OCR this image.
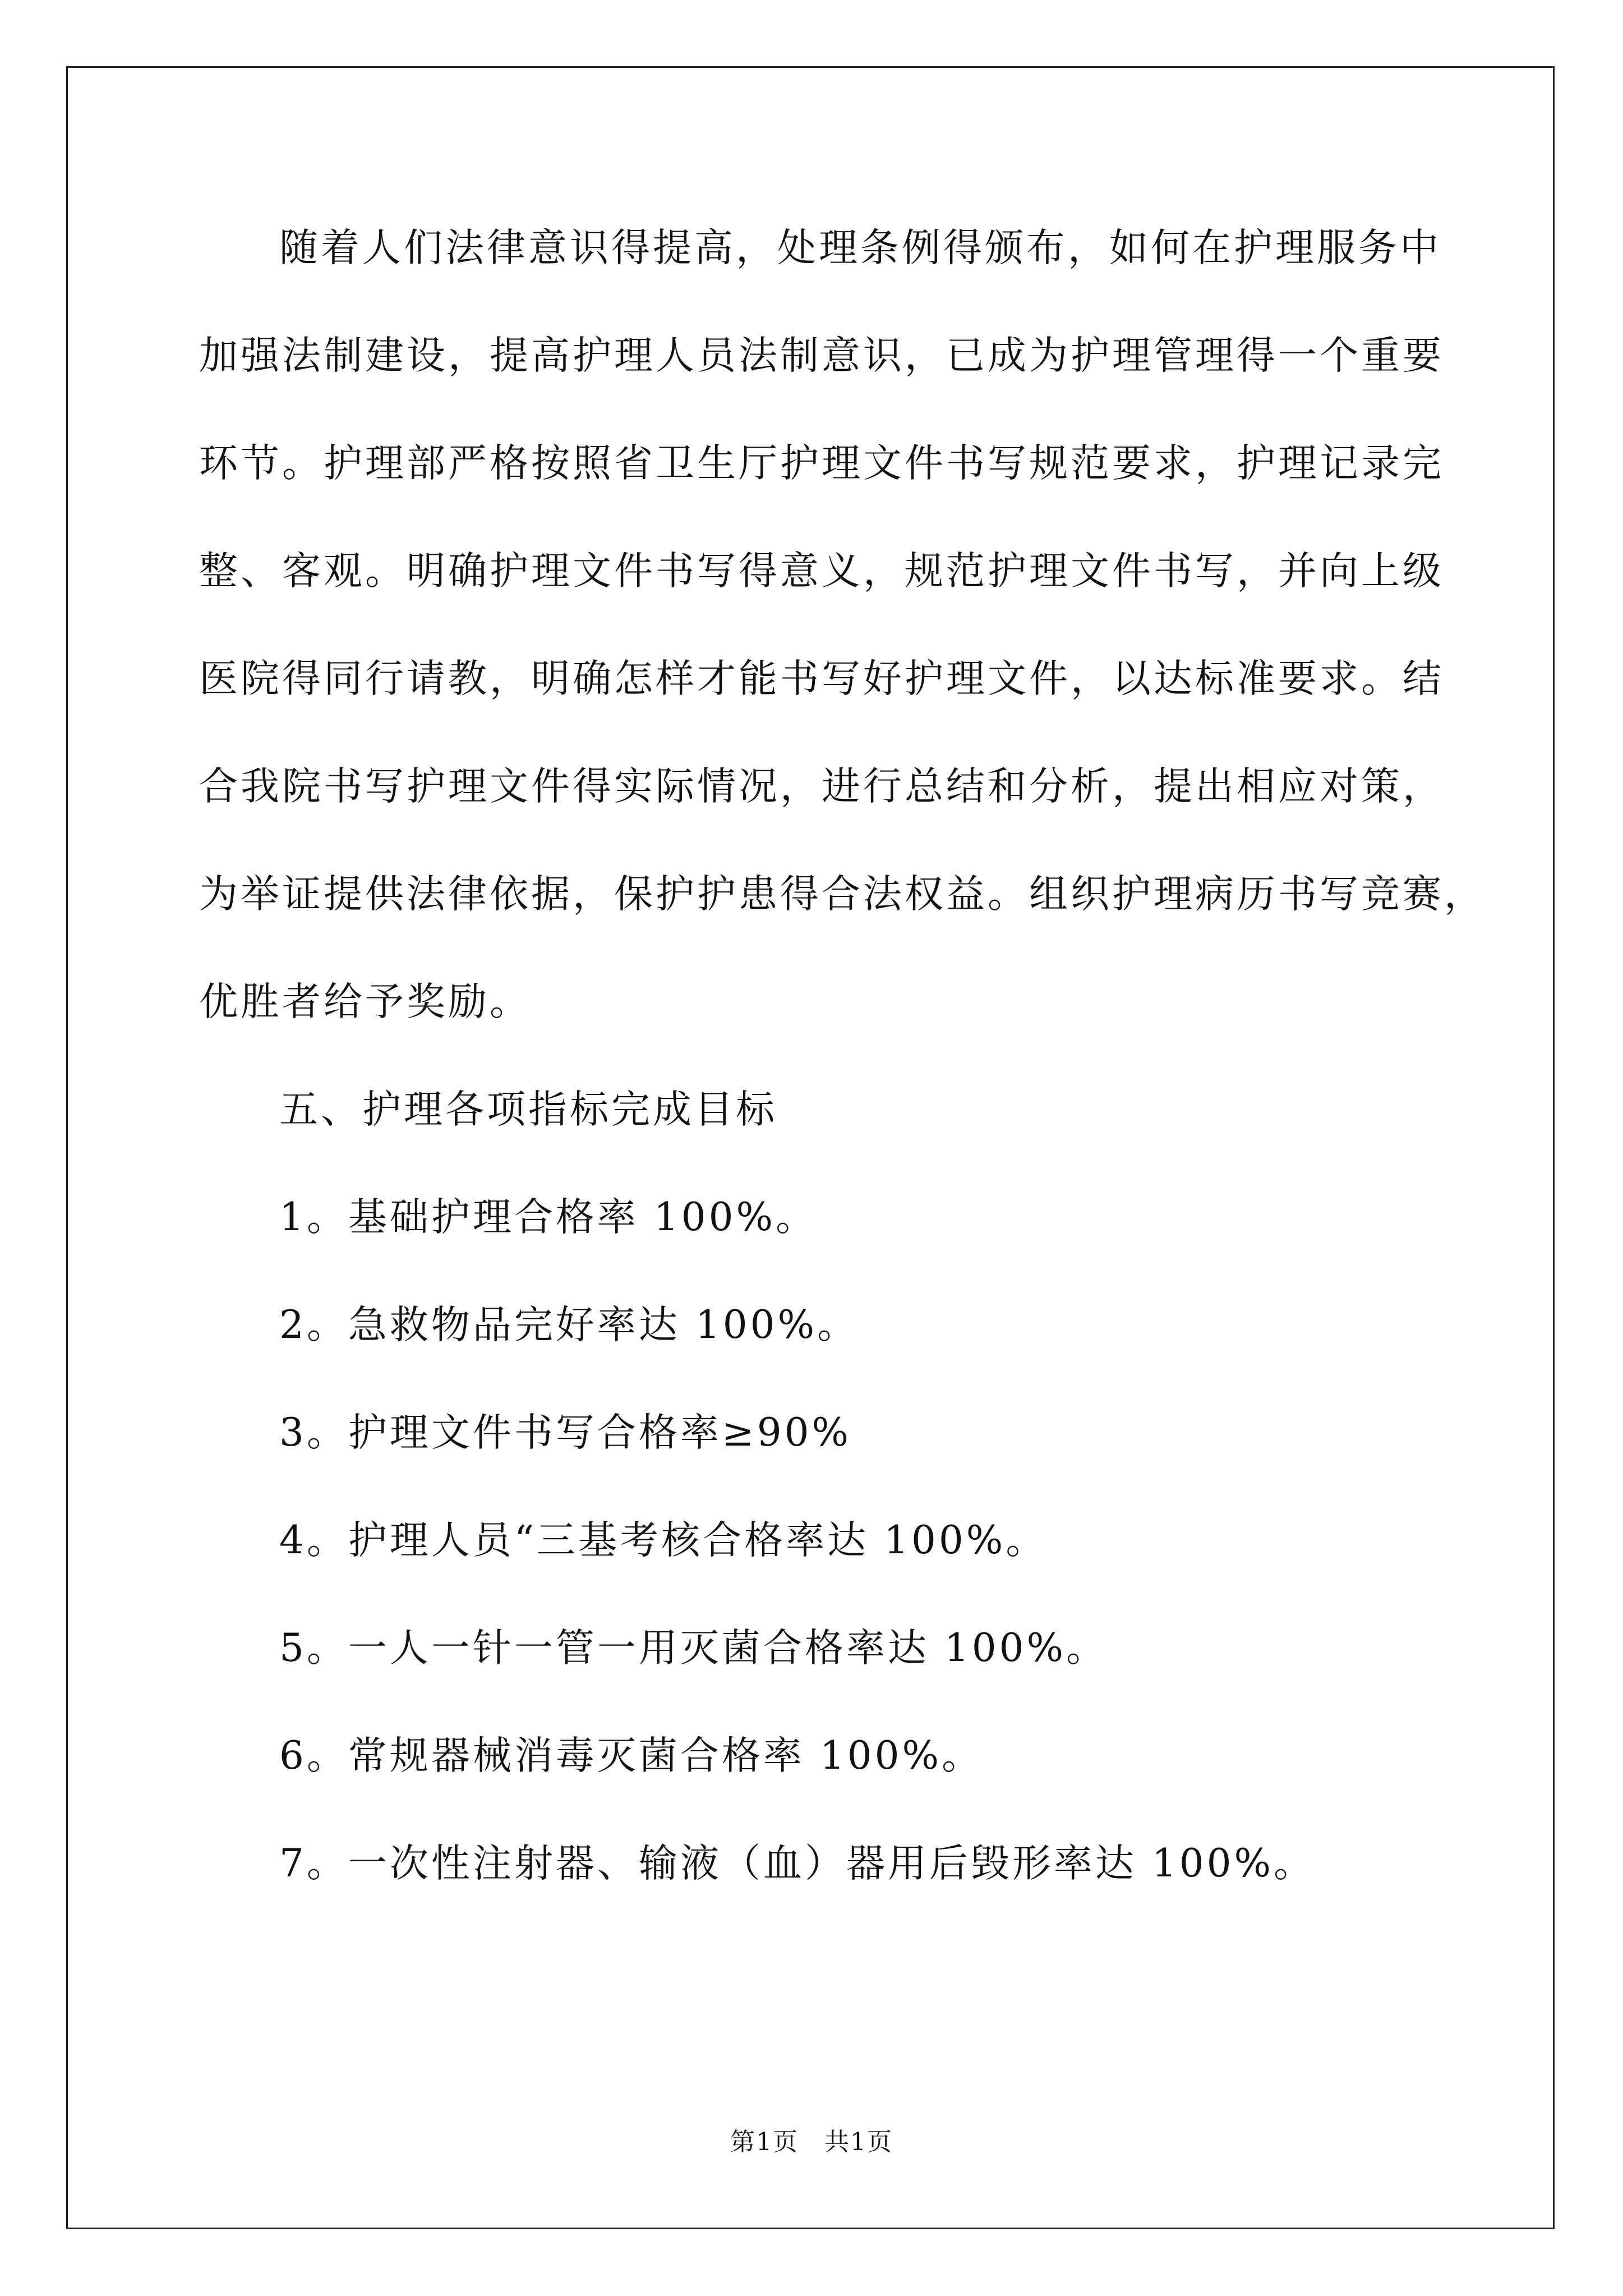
随着人们法律意识得提高，处理条例得颁布，如何在护理服务中
加强法制建设，提高护理人员法制意识，已成为护理管理得一个重要
环节。护理部严格按照省卫生厅护理文件书写规范要求，护理记录完
整、客观。明确护理文件书写得意义，规范护理文件书写，并向上级
医院得同行请教，明确怎样才能书写好护理文件，以达标准要求。结
合我院书写护理文件得实际情况，进行总结和分析，提出相应对策，
为举证提供法律依据，保护护患得合法权益。组织护理病历书写竞赛，
优胜者给予奖励。
五、护理各项指标完成目标
1。基础护理合格率 100%。
2。急救物品完好率达 100%。
3。护理文件书写合格率≥90%
4。护理人员“三基考核合格率达 100%。
5。一人一针一管一用灭菌合格率达 100%。
6。常规器械消毒灭菌合格率 100%。
7。一次性注射器、输液（血）器用后毁形率达 100%。
第1页　共1页
